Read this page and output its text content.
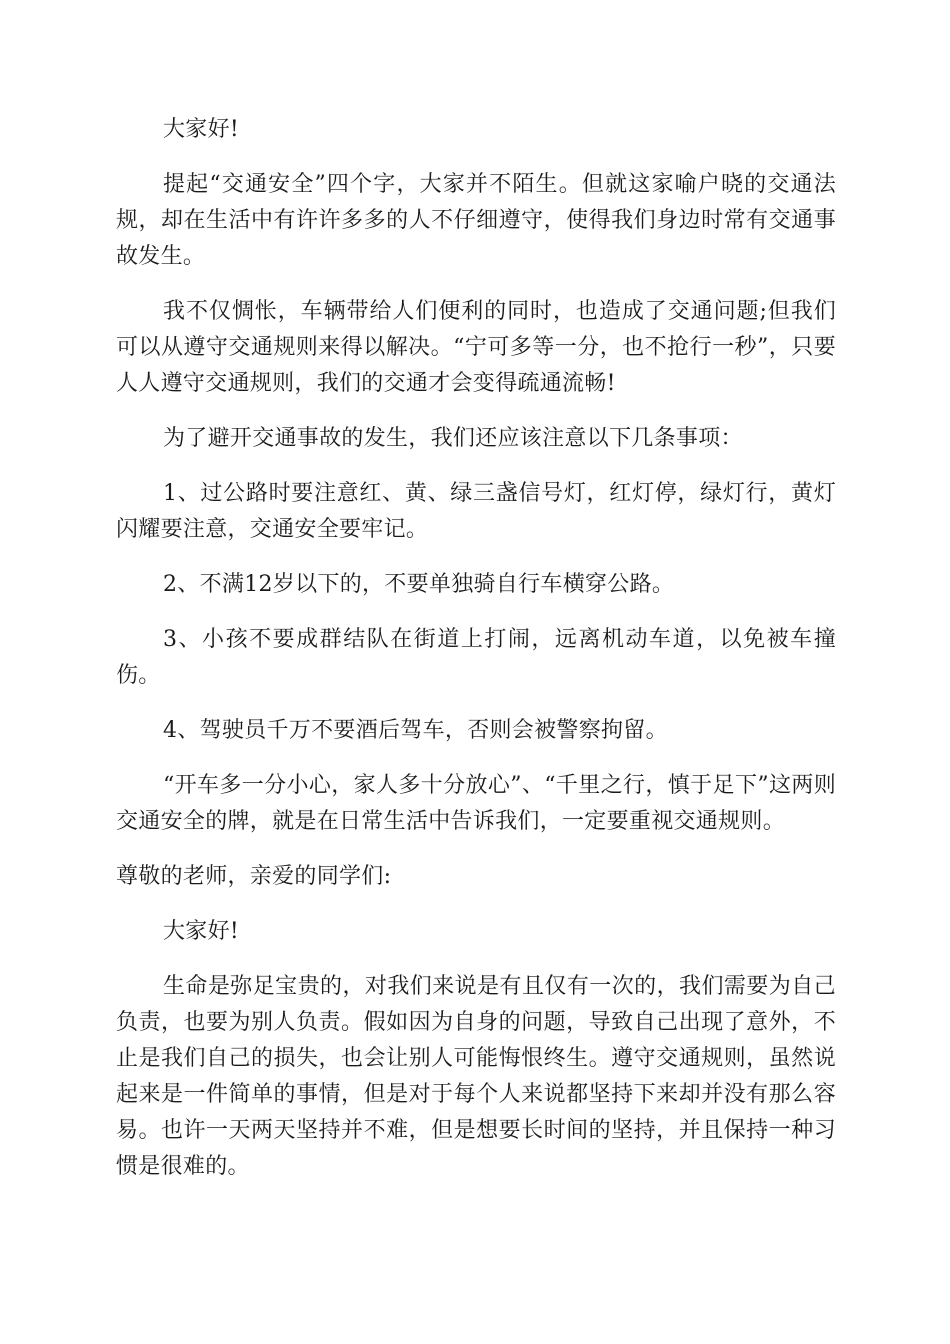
大家好!

提起“交通安全”四个字，大家并不陌生。但就这家喻户晓的交通法规，却在生活中有许许多多的人不仔细遵守，使得我们身边时常有交通事故发生。

我不仅惆怅，车辆带给人们便利的同时，也造成了交通问题;但我们可以从遵守交通规则来得以解决。“宁可多等一分，也不抢行一秒”，只要人人遵守交通规则，我们的交通才会变得疏通流畅!

为了避开交通事故的发生，我们还应该注意以下几条事项：

1、过公路时要注意红、黄、绿三盏信号灯，红灯停，绿灯行，黄灯闪耀要注意，交通安全要牢记。

2、不满12岁以下的，不要单独骑自行车横穿公路。

3、小孩不要成群结队在街道上打闹，远离机动车道，以免被车撞伤。

4、驾驶员千万不要酒后驾车，否则会被警察拘留。

“开车多一分小心，家人多十分放心”、“千里之行，慎于足下”这两则交通安全的牌，就是在日常生活中告诉我们，一定要重视交通规则。

尊敬的老师，亲爱的同学们:

大家好!

生命是弥足宝贵的，对我们来说是有且仅有一次的，我们需要为自己负责，也要为别人负责。假如因为自身的问题，导致自己出现了意外，不止是我们自己的损失，也会让别人可能悔恨终生。遵守交通规则，虽然说起来是一件简单的事情，但是对于每个人来说都坚持下来却并没有那么容易。也许一天两天坚持并不难，但是想要长时间的坚持，并且保持一种习惯是很难的。
